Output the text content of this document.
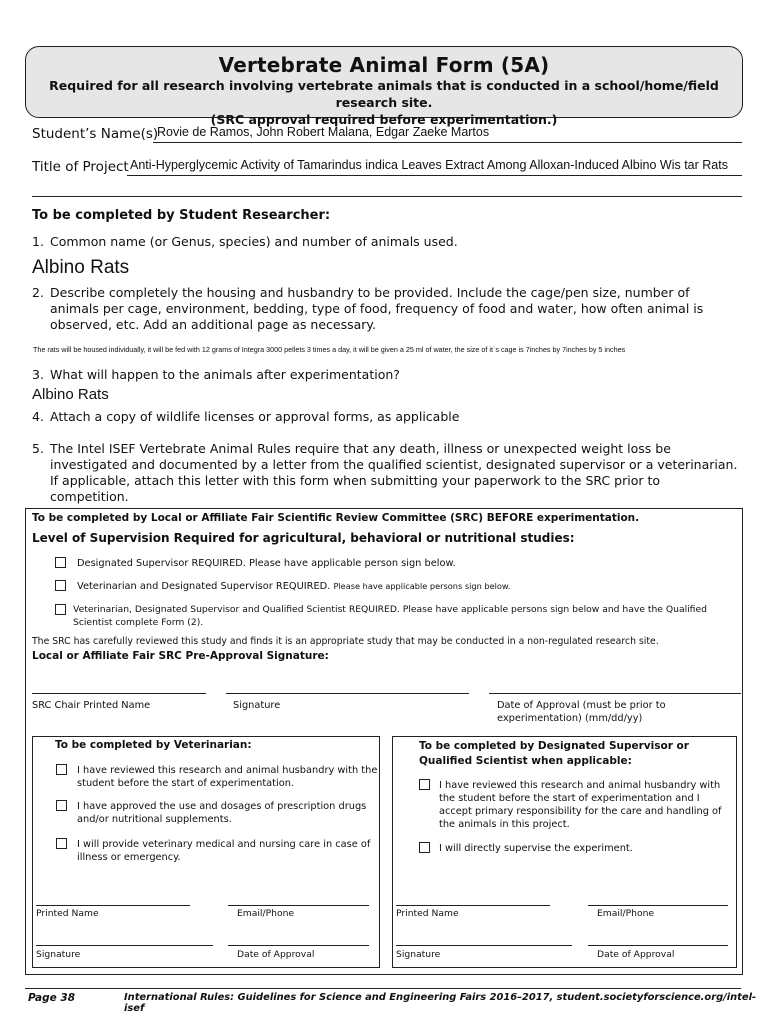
Vertebrate Animal Form (5A)
Required for all research involving vertebrate animals that is conducted in a school/home/field research site.
(SRC approval required before experimentation.)
Student’s Name(s)
Rovie de Ramos, John Robert Malana, Edgar Zaeke Martos
Title of Project Anti-Hyperglycemic Activity of Tamarindus indica Leaves Extract Among Alloxan-Induced Albino Wis tar Rats
To be completed by Student Researcher:
1. Common name (or Genus, species) and number of animals used.
Albino Rats
2. Describe completely the housing and husbandry to be provided. Include the cage/pen size, number of animals per cage, environment, bedding, type of food, frequency of food and water, how often animal is observed, etc. Add an additional page as necessary.
The rats will be housed individually, it will be fed with 12 grams of Integra 3000 pellets 3 times a day, it will be given a 25 ml of water, the size of it`s cage is 7inches by 7inches by 5 inches
3. What will happen to the animals after experimentation?
Albino Rats
4. Attach a copy of wildlife licenses or approval forms, as applicable
5. The Intel ISEF Vertebrate Animal Rules require that any death, illness or unexpected weight loss be investigated and documented by a letter from the qualified scientist, designated supervisor or a veterinarian. If applicable, attach this letter with this form when submitting your paperwork to the SRC prior to competition.
To be completed by Local or Affiliate Fair Scientific Review Committee (SRC) BEFORE experimentation.
Level of Supervision Required for agricultural, behavioral or nutritional studies:
Designated Supervisor REQUIRED. Please have applicable person sign below.
Veterinarian and Designated Supervisor REQUIRED. Please have applicable persons sign below.
Veterinarian, Designated Supervisor and Qualified Scientist REQUIRED. Please have applicable persons sign below and have the Qualified
Scientist complete Form (2).
The SRC has carefully reviewed this study and finds it is an appropriate study that may be conducted in a non-regulated research site.
Local or Affiliate Fair SRC Pre-Approval Signature:
SRC Chair Printed Name	Signature	Date of Approval (must be prior to
experimentation) (mm/dd/yy)
To be completed by Veterinarian:
I have reviewed this research and animal husbandry with the
student before the start of experimentation.
I have approved the use and dosages of prescription drugs
and/or nutritional supplements.
I will provide veterinary medical and nursing care in case of
illness or emergency.
Printed Name	Email/Phone
Signature	Date of Approval
To be completed by Designated Supervisor or
Qualified Scientist when applicable:
I have reviewed this research and animal husbandry with
the student before the start of experimentation and I
accept primary responsibility for the care and handling of
the animals in this project.
I will directly supervise the experiment.
Printed Name	Email/Phone
Signature	Date of Approval
Page 38	International Rules: Guidelines for Science and Engineering Fairs 2016–2017, student.societyforscience.org/intel-isef
